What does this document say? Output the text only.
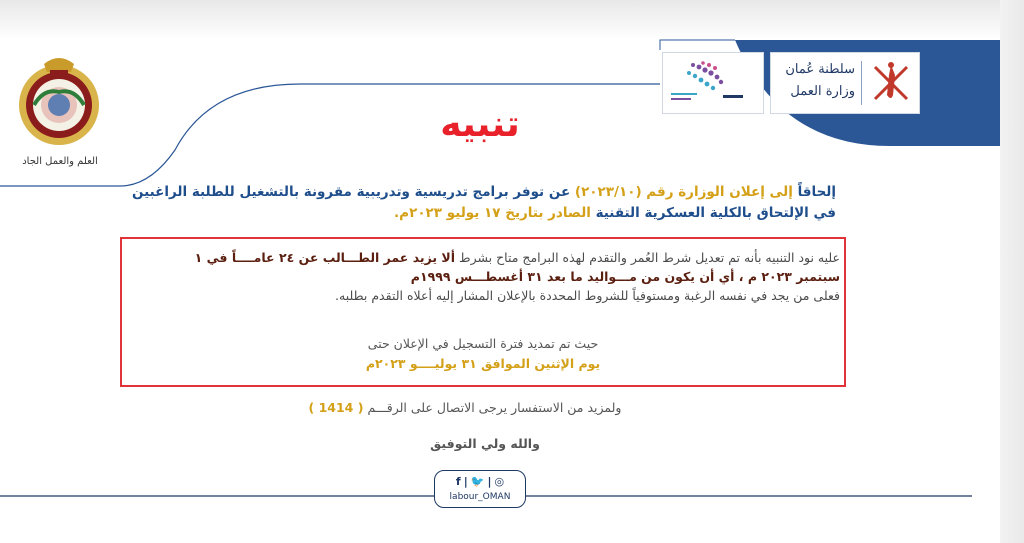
العلم والعمل الجاد
سلطنة عُمان
وزارة العمل
تنبيه
إلحاقاً إلى إعلان الوزارة رقم (٢٠٢٣/١٠) عن توفر برامج تدريسية وتدريبية مقرونة بالتشغيل للطلبة الراغبين في الإلتحاق بالكلية العسكرية التقنية الصادر بتاريخ ١٧ يوليو ٢٠٢٣م.

عليه نود التنبيه بأنه تم تعديل شرط العُمر والتقدم لهذه البرامج متاح بشرط ألا يزيد عمر الطـــالب عن ٢٤ عامــــاً في ١ سبتمبر ٢٠٢٣ م ، أي أن يكون من مـــواليد ما بعد ٣١ أغسطـــس ١٩٩٩م
فعلى من يجد في نفسه الرغبة ومستوفياً للشروط المحددة بالإعلان المشار إليه أعلاه التقدم بطلبه.

حيث تم تمديد فترة التسجيل في الإعلان حتى
يوم الإثنين الموافق ٣١ يوليــــو ٢٠٢٣م
ولمزيد من الاستفسار يرجى الاتصال على الرقـــم ( 1414 )
والله ولي التوفيق
f | 🐦 | ◎
labour_OMAN
